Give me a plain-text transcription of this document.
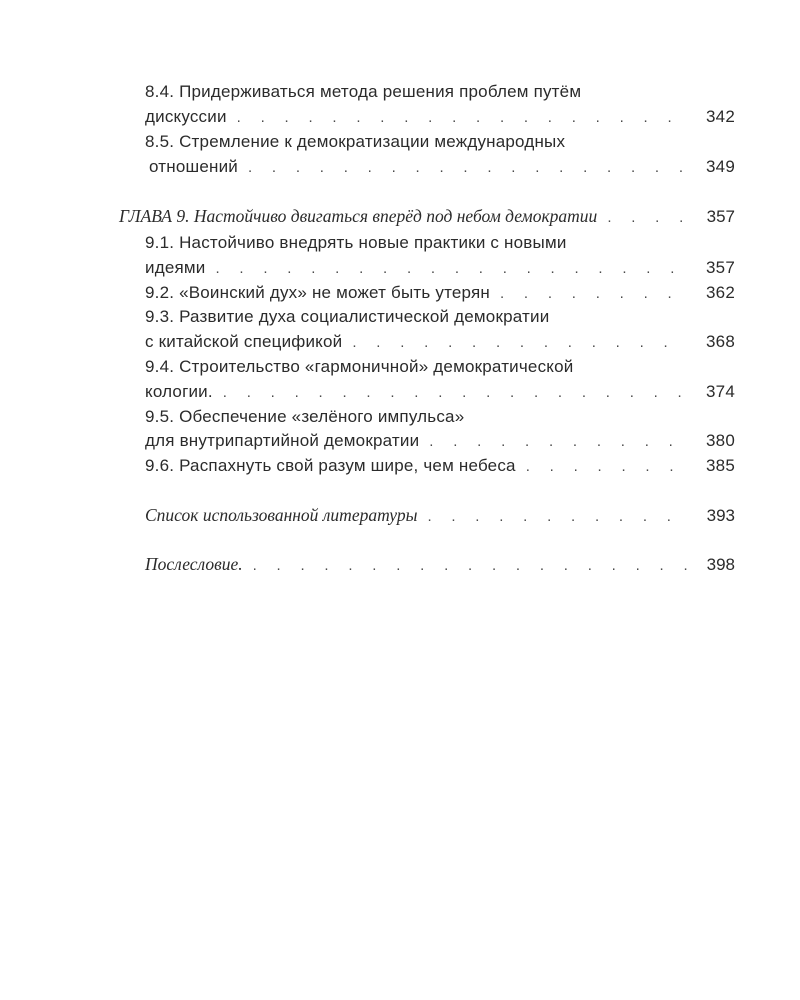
8.4. Придерживаться метода решения проблем путём
дискуссии . . .	342
8.5. Стремление к демократизации международных
отношений . . .	349
ГЛАВА 9. Настойчиво двигаться вперёд под небом демократии . . .	357
9.1. Настойчиво внедрять новые практики с новыми
идеями . . .	357
9.2. «Воинский дух» не может быть утерян . . .	362
9.3. Развитие духа социалистической демократии
с китайской спецификой . . .	368
9.4. Строительство «гармоничной» демократической
кологии. . . .	374
9.5. Обеспечение «зелёного импульса»
для внутрипартийной демократии . . .	380
9.6. Распахнуть свой разум шире, чем небеса . . .	385
Список использованной литературы . . .	393
Послесловие. . . .	398
